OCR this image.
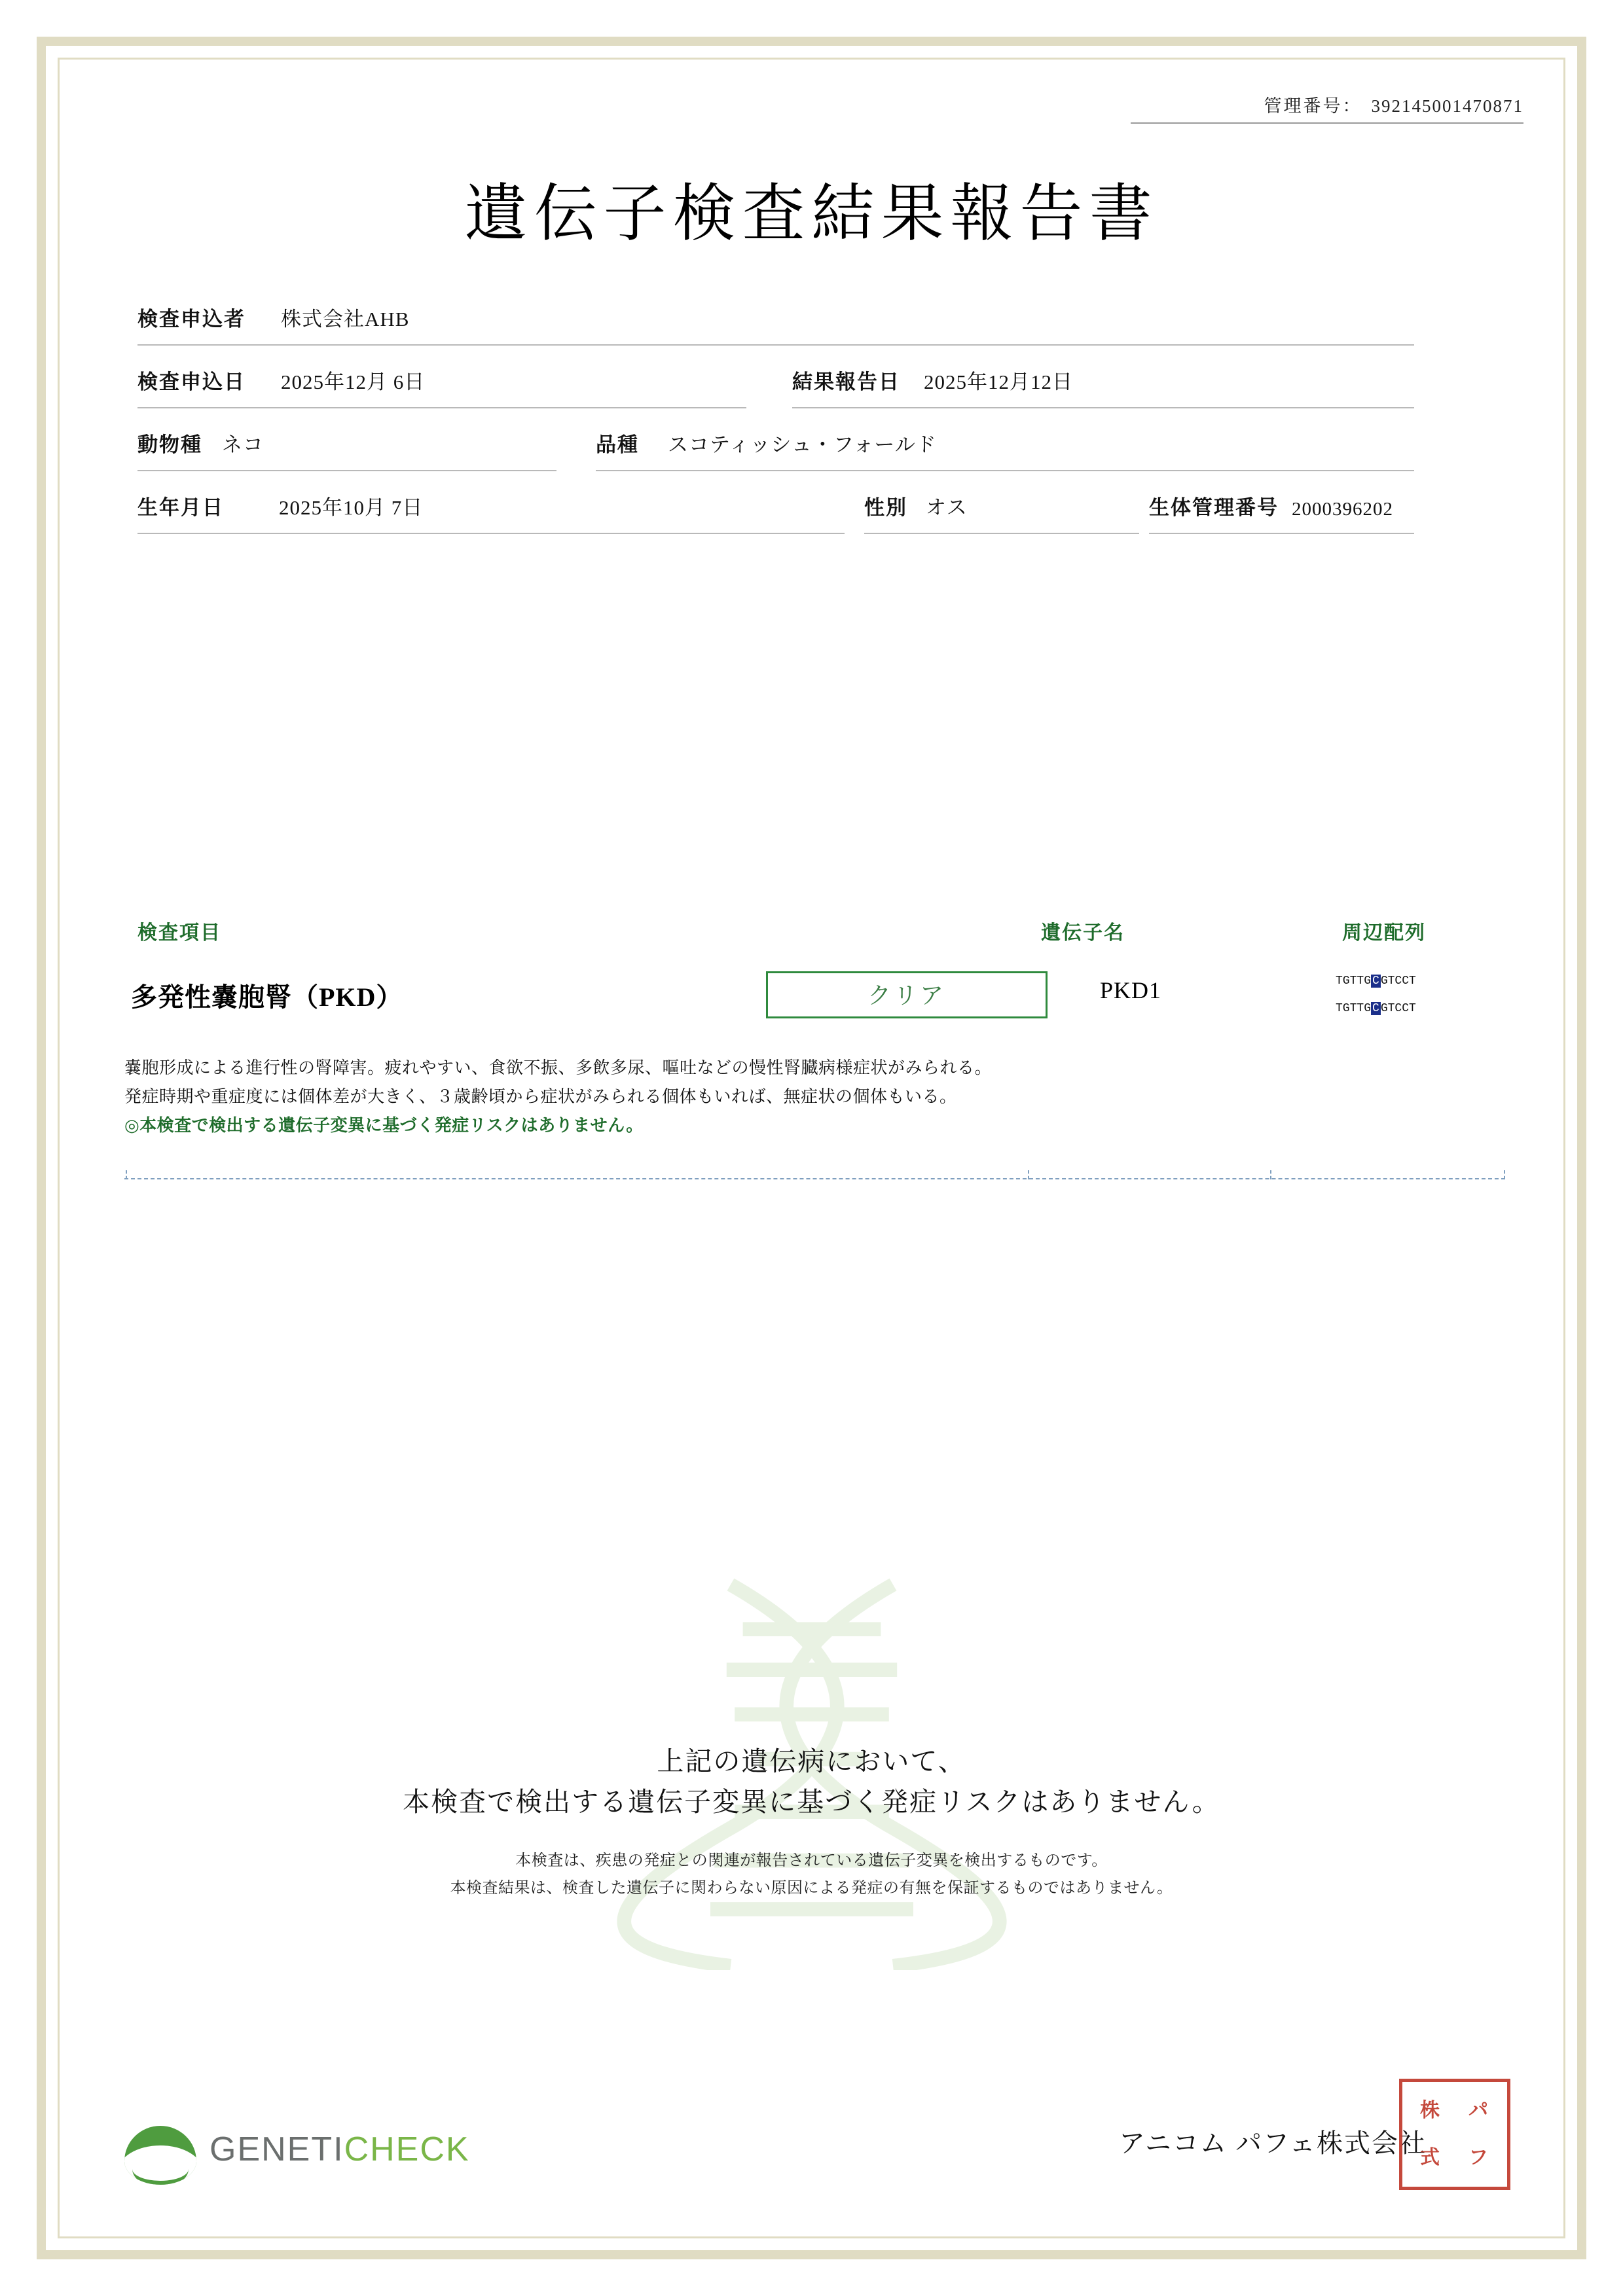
管理番号： 392145001470871
遺伝子検査結果報告書
検査申込者 株式会社AHB
検査申込日 2025年12月 6日	結果報告日 2025年12月12日
動物種 ネコ	品種 スコティッシュ・フォールド
生年月日	2025年10月 7日	性別 オス	生体管理番号 2000396202
検査項目	遺伝子名	周辺配列
多発性嚢胞腎（PKD）	クリア	PKD1	TGTTG C GTCCT
TGTTG C GTCCT
嚢胞形成による進行性の腎障害。疲れやすい、食欲不振、多飲多尿、嘔吐などの慢性腎臓病様症状がみられる。
発症時期や重症度には個体差が大きく、３歳齢頃から症状がみられる個体もいれば、無症状の個体もいる。
◎本検査で検出する遺伝子変異に基づく発症リスクはありません。
上記の遺伝病において、
本検査で検出する遺伝子変異に基づく発症リスクはありません。
本検査は、疾患の発症との関連が報告されている遺伝子変異を検出するものです。
本検査結果は、検査した遺伝子に関わらない原因による発症の有無を保証するものではありません。
GENETICHECK	アニコム パフェ株式会社
株 パ
式 フ
